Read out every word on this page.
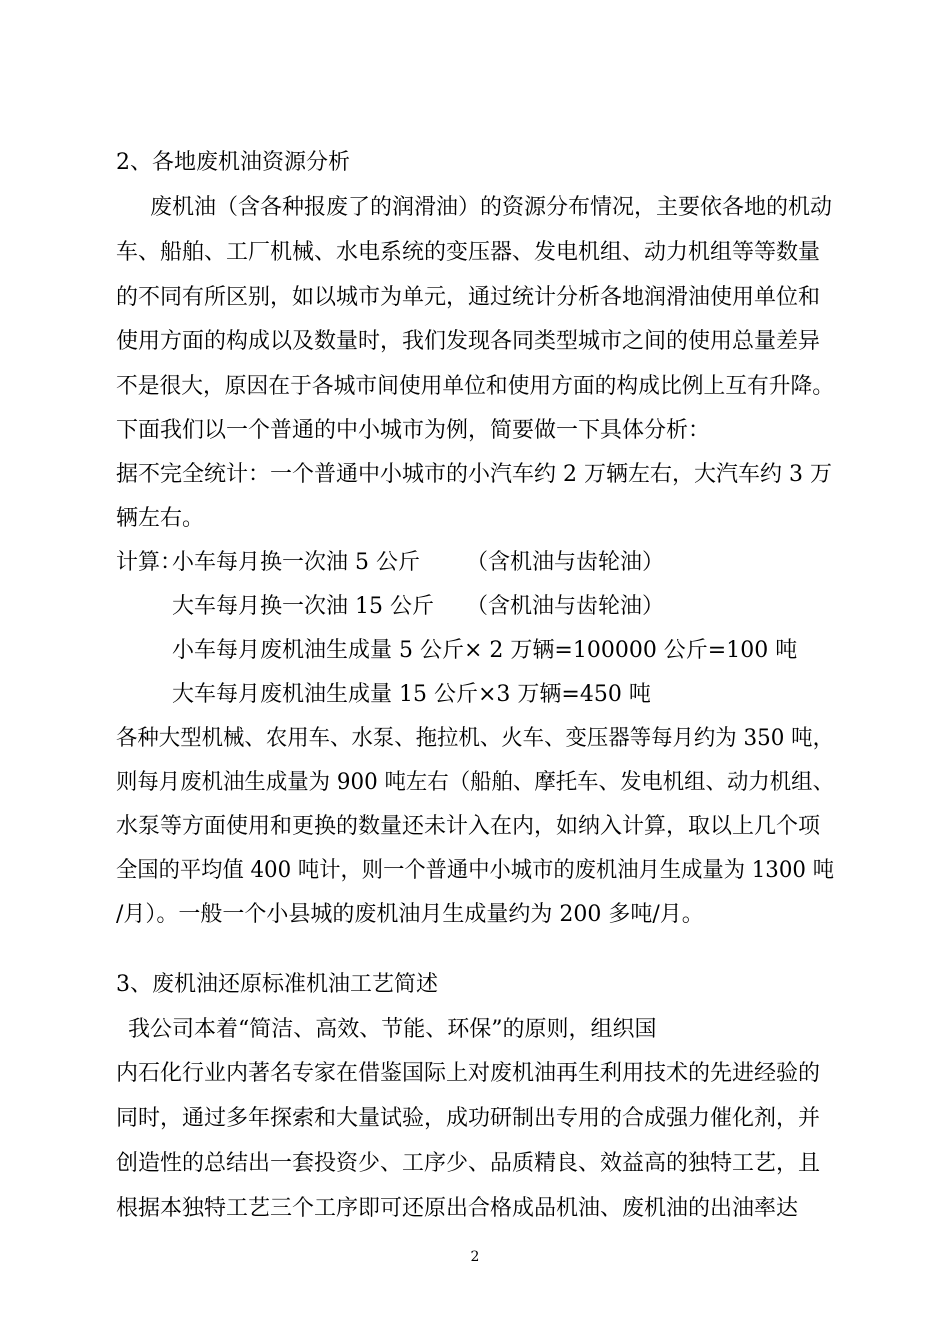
2、各地废机油资源分析
废机油（含各种报废了的润滑油）的资源分布情况，主要依各地的机动
车、船舶、工厂机械、水电系统的变压器、发电机组、动力机组等等数量
的不同有所区别，如以城市为单元，通过统计分析各地润滑油使用单位和
使用方面的构成以及数量时，我们发现各同类型城市之间的使用总量差异
不是很大，原因在于各城市间使用单位和使用方面的构成比例上互有升降。
下面我们以一个普通的中小城市为例，简要做一下具体分析：
据不完全统计：一个普通中小城市的小汽车约 2 万辆左右，大汽车约 3 万
辆左右。
计算：
小车每月换一次油 5 公斤 （含机油与齿轮油）
大车每月换一次油 15 公斤 （含机油与齿轮油）
小车每月废机油生成量 5 公斤× 2 万辆=100000 公斤=100 吨
大车每月废机油生成量 15 公斤×3 万辆=450 吨
各种大型机械、农用车、水泵、拖拉机、火车、变压器等每月约为 350 吨，
则每月废机油生成量为 900 吨左右（船舶、摩托车、发电机组、动力机组、
水泵等方面使用和更换的数量还未计入在内，如纳入计算，取以上几个项
全国的平均值 400 吨计，则一个普通中小城市的废机油月生成量为 1300 吨
/月）。一般一个小县城的废机油月生成量约为 200 多吨/月。
3、废机油还原标准机油工艺简述
我公司本着“简洁、高效、节能、环保”的原则，组织国
内石化行业内著名专家在借鉴国际上对废机油再生利用技术的先进经验的
同时，通过多年探索和大量试验，成功研制出专用的合成强力催化剂，并
创造性的总结出一套投资少、工序少、品质精良、效益高的独特工艺，且
根据本独特工艺三个工序即可还原出合格成品机油、废机油的出油率达
2
